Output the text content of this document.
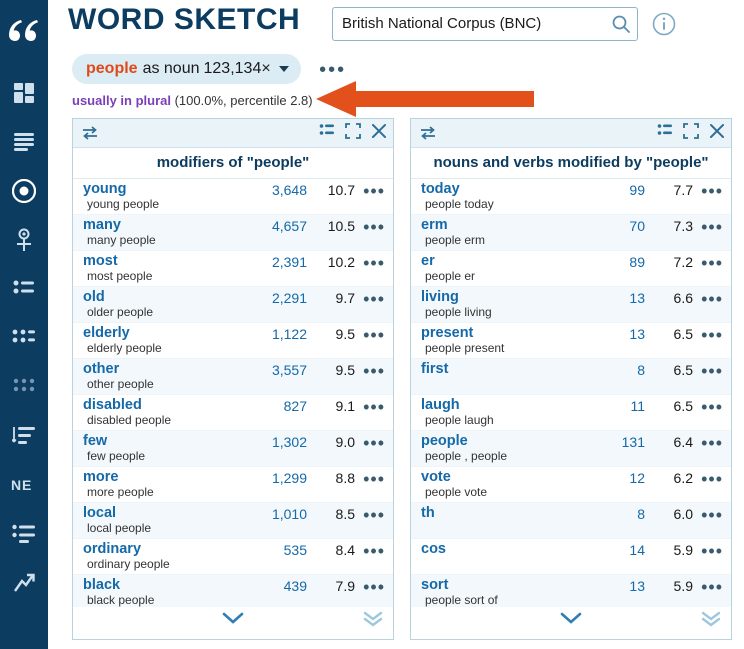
N E
WORD SKETCH	British National Corpus (BNC)
people as noun 123,134× •••
usually in plural (100.0%, percentile 2.8)
modifiers of "people"
young
young people
3,648	10.7 •••
many
many people
4,657	10.5 •••
most
most people
2,391	10.2 •••
old
older people
2,291	9.7 •••
elderly
elderly people
1,122	9.5 •••
other
other people
3,557	9.5 •••
disabled
disabled people
827	9.1 •••
few
few people
1,302	9.0 •••
more
more people
1,299	8.8 •••
local
local people
1,010	8.5 •••
ordinary
ordinary people
535	8.4 •••
black
black people
439	7.9 •••
nouns and verbs modified by "people"
today
people today
99	7.7 •••
erm
people erm
70	7.3 •••
er
people er
89	7.2 •••
living
people living
13	6.6 •••
present
people present
13	6.5 •••
first	8	6.5 •••
laugh
people laugh
11	6.5 •••
people
people , people
131	6.4 •••
vote
people vote
12	6.2 •••
th	8	6.0 •••
cos	14	5.9 •••
sort
people sort of
13	5.9 •••
